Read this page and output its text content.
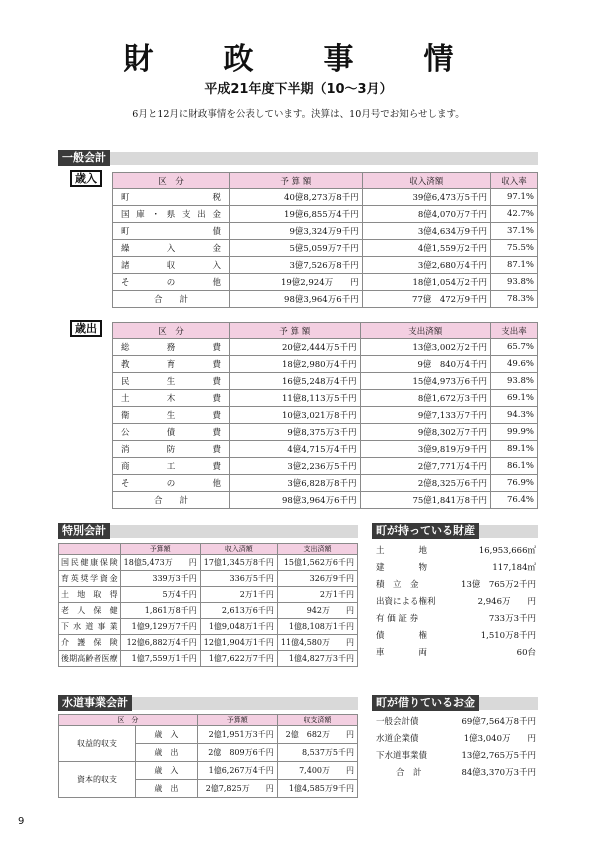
財　政　事　情
平成21年度下半期（10～3月）
6月と12月に財政事情を公表しています。決算は、10月号でお知らせします。
一般会計
歳入	区　分	予 算 額	収入済額	収入率
町税	40億8,273万8千円	39億6,473万5千円	97.1%
国庫・県支出金	19億6,855万4千円	8億4,070万7千円	42.7%
町債	9億3,324万9千円	3億4,634万9千円	37.1%
繰入金	5億5,059万7千円	4億1,559万2千円	75.5%
諸収入	3億7,526万8千円	3億2,680万4千円	87.1%
その他	19億2,924万　　円	18億1,054万2千円	93.8%
合　　計	98億3,964万6千円	77億　472万9千円	78.3%
歳出	区　分	予 算 額	支出済額	支出率
総務費	20億2,444万5千円	13億3,002万2千円	65.7%
教育費	18億2,980万4千円	9億　840万4千円	49.6%
民生費	16億5,248万4千円	15億4,973万6千円	93.8%
土木費	11億8,113万5千円	8億1,672万3千円	69.1%
衛生費	10億3,021万8千円	9億7,133万7千円	94.3%
公債費	9億8,375万3千円	9億8,302万7千円	99.9%
消防費	4億4,715万4千円	3億9,819万9千円	89.1%
商工費	3億2,236万5千円	2億7,771万4千円	86.1%
その他	3億6,828万8千円	2億8,325万6千円	76.9%
合　　計	98億3,964万6千円	75億1,841万8千円	76.4%
特別会計
	予算額	収入済額	支出済額
国民健康保険	18億5,473万　　円	17億1,345万8千円	15億1,562万6千円
育英奨学資金	339万3千円	336万5千円	326万9千円
土地取得	5万4千円	2万1千円	2万1千円
老人保健	1,861万8千円	2,613万6千円	942万　　円
下水道事業	1億9,129万7千円	1億9,048万1千円	1億8,108万1千円
介護保険	12億6,882万4千円	12億1,904万1千円	11億4,580万　　円
後期高齢者医療	1億7,559万1千円	1億7,622万7千円	1億4,827万3千円
水道事業会計
区　分		予算額	収支済額
収益的収支	歳　入	2億1,951万3千円	2億　682万　　円
	歳　出	2億　809万6千円	8,537万5千円
資本的収支	歳　入	1億6,267万4千円	7,400万　　円
	歳　出	2億7,825万　　円	1億4,585万9千円
町が持っている財産
土　　　　地	16,953,666㎡
建　　　　物	117,184㎡
積　立　金	13億　765万2千円
出資による権利	2,946万　　円
有 価 証 券	733万3千円
債　　　　権	1,510万8千円
車　　　　両	60台
町が借りているお金
一般会計債	69億7,564万8千円
水道企業債	1億3,040万　　円
下水道事業債	13億2,765万5千円
合　計	84億3,370万3千円
9
